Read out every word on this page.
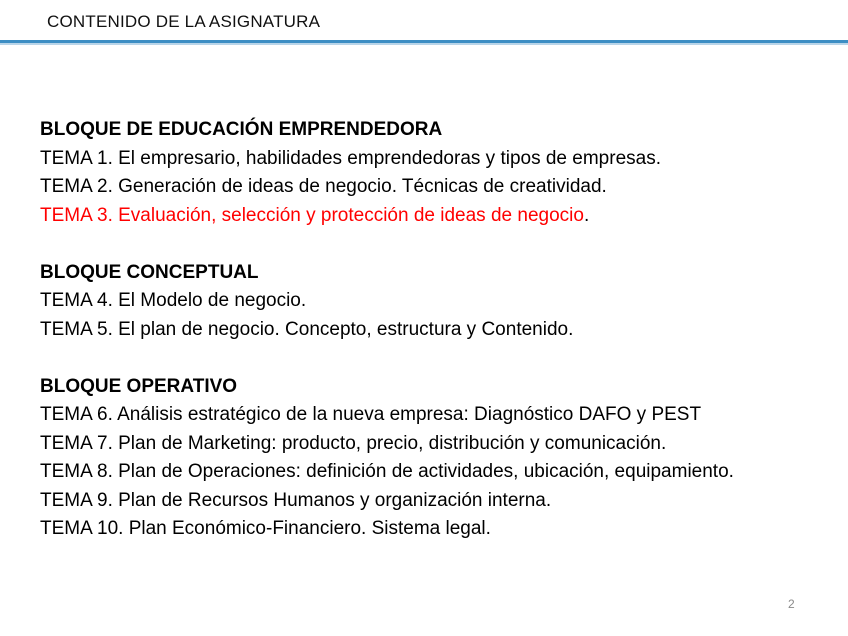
CONTENIDO DE LA ASIGNATURA
BLOQUE DE EDUCACIÓN EMPRENDEDORA
TEMA 1. El empresario, habilidades emprendedoras y tipos de empresas.
TEMA 2. Generación de ideas de negocio. Técnicas de creatividad.
TEMA 3. Evaluación, selección y protección de ideas de negocio.
BLOQUE CONCEPTUAL
TEMA 4. El Modelo de negocio.
TEMA 5. El plan de negocio. Concepto, estructura y Contenido.
BLOQUE OPERATIVO
TEMA 6. Análisis estratégico de la nueva empresa: Diagnóstico DAFO y PEST
TEMA 7. Plan de Marketing: producto, precio, distribución y comunicación.
TEMA 8. Plan de Operaciones: definición de actividades, ubicación, equipamiento.
TEMA 9. Plan de Recursos Humanos y organización interna.
TEMA 10. Plan Económico-Financiero. Sistema legal.
2
